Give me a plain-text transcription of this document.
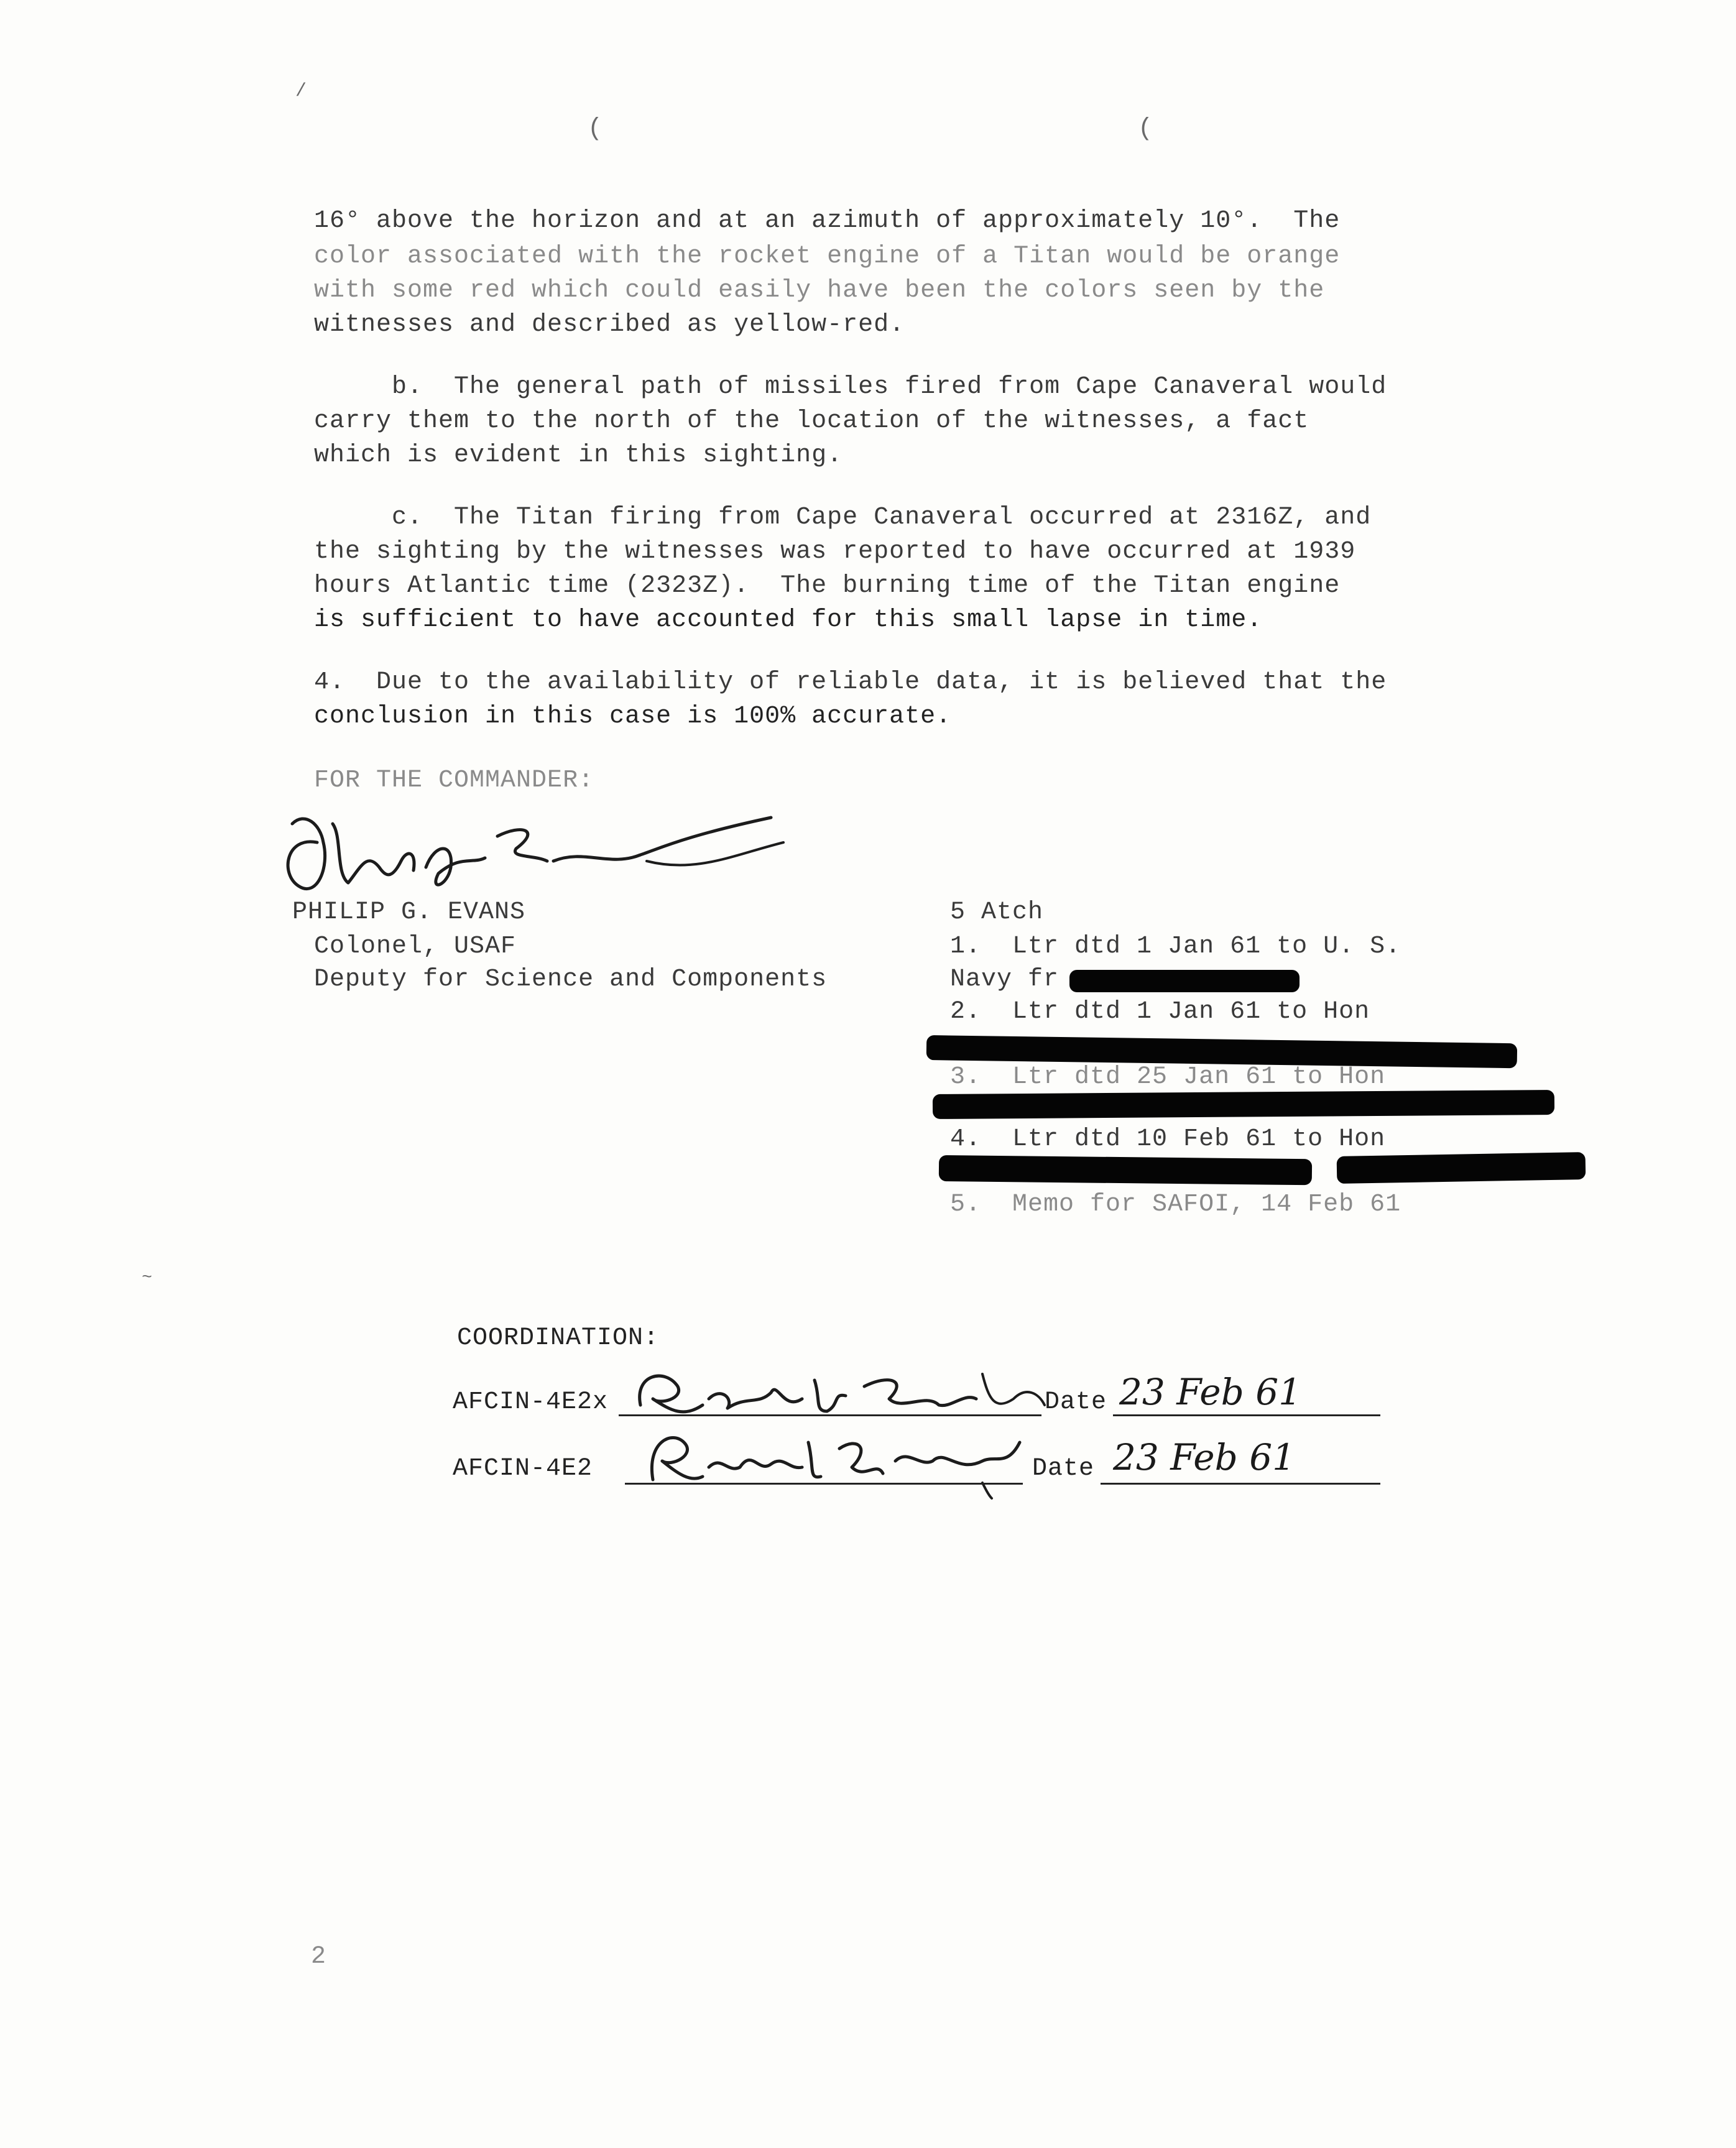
(	(
/
16° above the horizon and at an azimuth of approximately 10°.  The
color associated with the rocket engine of a Titan would be orange
with some red which could easily have been the colors seen by the
witnesses and described as yellow-red.
b.  The general path of missiles fired from Cape Canaveral would
carry them to the north of the location of the witnesses, a fact
which is evident in this sighting.
c.  The Titan firing from Cape Canaveral occurred at 2316Z, and
the sighting by the witnesses was reported to have occurred at 1939
hours Atlantic time (2323Z).  The burning time of the Titan engine
is sufficient to have accounted for this small lapse in time.
4.  Due to the availability of reliable data, it is believed that the
conclusion in this case is 100% accurate.
FOR THE COMMANDER:
PHILIP G. EVANS
Colonel, USAF
Deputy for Science and Components
5 Atch
1.  Ltr dtd 1 Jan 61 to U. S.
Navy fr
2.  Ltr dtd 1 Jan 61 to Hon
3.  Ltr dtd 25 Jan 61 to Hon
4.  Ltr dtd 10 Feb 61 to Hon
5.  Memo for SAFOI, 14 Feb 61
COORDINATION:
AFCIN-4E2x	Date 23 Feb 61
AFCIN-4E2	Date 23 Feb 61
2
~
